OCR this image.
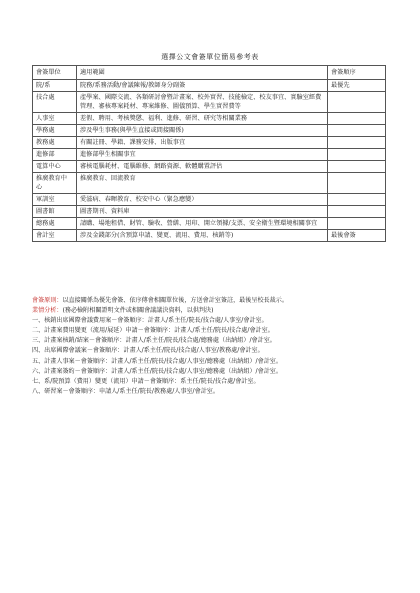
選擇公文會簽單位簡易參考表
會簽單位	適用範圍	會簽順序
院/系	院務/系務活動/會議陳報/教師身分副簽	最優先
技合處	產學案、國際交流、各類研討會暨計畫案、校外實習、技能檢定、校友事宜、實驗室經費管理、審核專案耗材、專案維修、圖儀預算、學生實習費等	
人事室	差假、聘用、考核獎懲、福利、進修、研習、研究等相關業務	
學務處	涉及學生事務(與學生直接或間接關係)	
教務處	有關註冊、學籍、課務安排、出版事宜	
進修部	進修部學生相關事宜	
電算中心	審核電腦耗材、電腦維修、網路資源、軟體購置評估	
推廣教育中心	推廣教育、回流教育	
軍訓室	愛滋病、春暉教育、校安中心（緊急應變）	
圖書館	圖書期刊、資料庫	
總務處	請購、場地租借、財管、驗收、營繕、用印、開立領據/支票、安全衛生暨環境相關事宜	
會計室	涉及金錢部分(含預算申請、變更、流用、費用、核銷等)	最後會簽

會簽原則：以直接關係為優先會簽、依序傳會相關單位後，方送會計室簽註，最後呈校長裁示。

業情分析：(務必檢附相關證明文件或相關會議議決資料，以供判決)

一、核銷出席國際會議費用案－會簽順序：計畫人/系主任/院長/技合處/人事室/會計室。

二、計畫案費用變更（流用/展延）申請－會簽順序：計畫人/系主任/院長/技合處/會計室。

三、計畫案核銷/結案－會簽順序：計畫人/系主任/院長/技合處/總務處（出納組）/會計室。

四、出席國際會議案－會簽順序：計畫人/系主任/院長/技合處/人事室/教務處/會計室。

五、計畫人事案－會簽順序：計畫人/系主任/院長/技合處/人事室/總務處（出納組）/會計室。

六、計畫案簽約－會簽順序：計畫人/系主任/院長/技合處/人事室/總務處（出納組）/會計室。

七、系/院預算（費用）變更（流用）申請－會簽順序：系主任/院長/技合處/會計室。

八、研習案－會簽順序：申請人/系主任/院長/教務處/人事室/會計室。
